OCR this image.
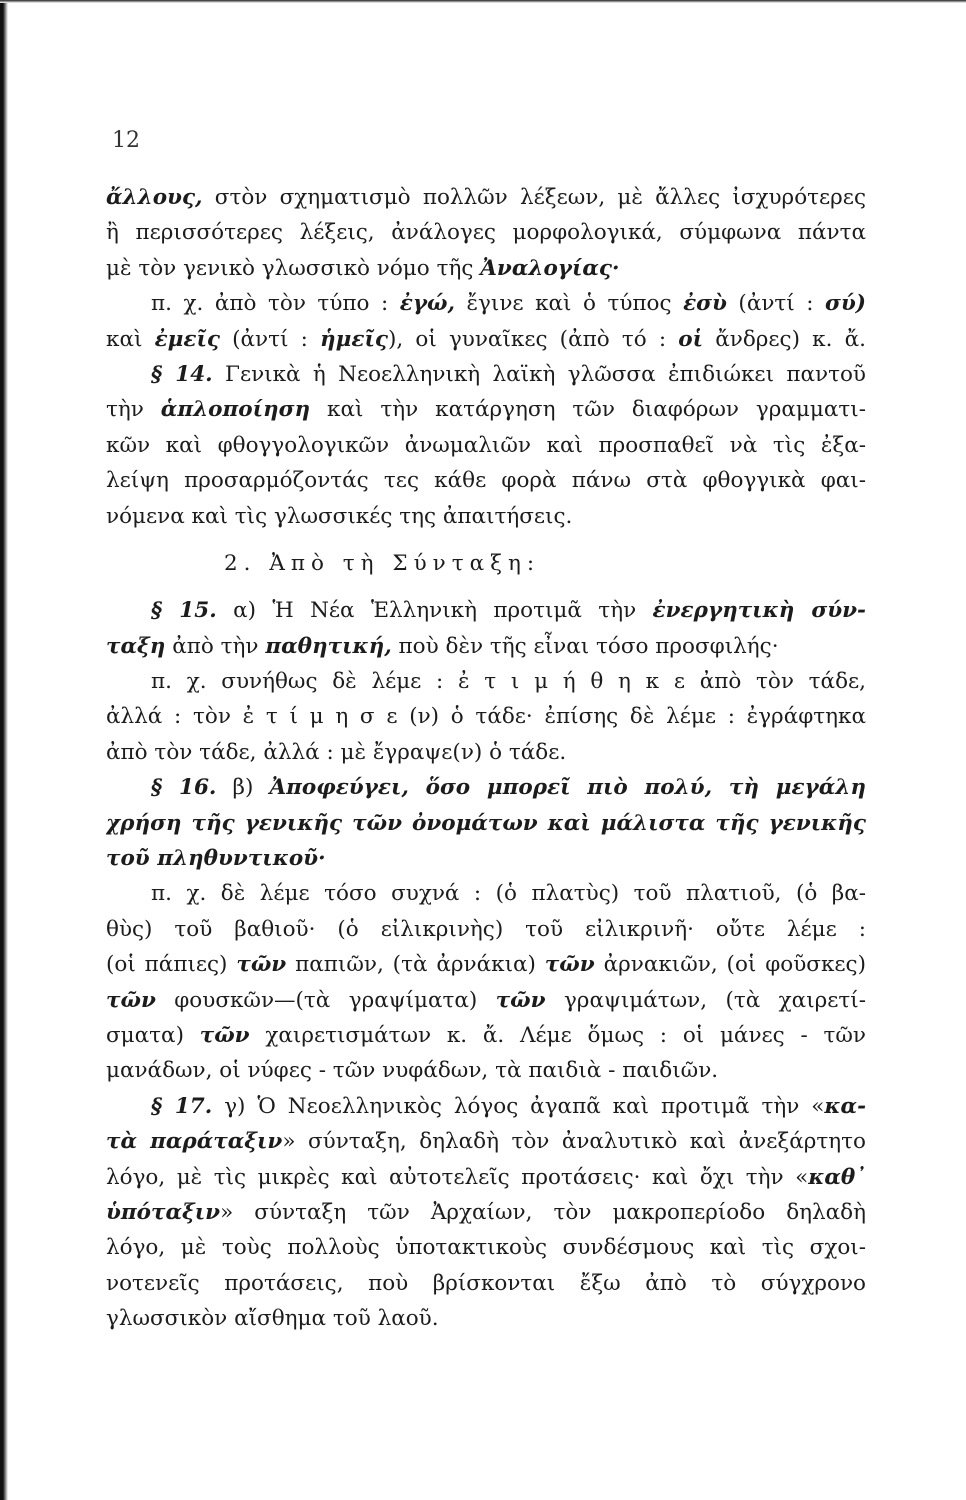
12
ἄλλους, στὸν σχηματισμὸ πολλῶν λέξεων, μὲ ἄλλες ἰσχυρότερες
ἢ περισσότερες λέξεις, ἀνάλογες μορφολογικά, σύμφωνα πάντα
μὲ τὸν γενικὸ γλωσσικὸ νόμο τῆς Ἀναλογίας·
π. χ. ἀπὸ τὸν τύπο : ἐγώ, ἔγινε καὶ ὁ τύπος ἐσὺ (ἀντί : σύ)
καὶ ἐμεῖς (ἀντί : ἡμεῖς), οἱ γυναῖκες (ἀπὸ τό : οἱ ἄνδρες) κ. ἄ.
§ 14. Γενικὰ ἡ Νεοελληνικὴ λαϊκὴ γλῶσσα ἐπιδιώκει παντοῦ
τὴν ἁπλοποίηση καὶ τὴν κατάργηση τῶν διαφόρων γραμματι-
κῶν καὶ φθογγολογικῶν ἀνωμαλιῶν καὶ προσπαθεῖ νὰ τὶς ἐξα-
λείψη προσαρμόζοντάς τες κάθε φορὰ πάνω στὰ φθογγικὰ φαι-
νόμενα καὶ τὶς γλωσσικές της ἀπαιτήσεις.
2. Ἀπὸ τὴ Σύνταξη:
§ 15. α) Ἡ Νέα Ἑλληνικὴ προτιμᾶ τὴν ἐνεργητικὴ σύν-
ταξη ἀπὸ τὴν παθητική, ποὺ δὲν τῆς εἶναι τόσο προσφιλής·
π. χ. συνήθως δὲ λέμε : ἐ τ ι μ ή θ η κ ε ἀπὸ τὸν τάδε,
ἀλλά : τὸν ἐ τ ί μ η σ ε (ν) ὁ τάδε· ἐπίσης δὲ λέμε : ἐγράφτηκα
ἀπὸ τὸν τάδε, ἀλλά : μὲ ἔγραψε(ν) ὁ τάδε.
§ 16. β) Ἀποφεύγει, ὅσο μπορεῖ πιὸ πολύ, τὴ μεγάλη
χρήση τῆς γενικῆς τῶν ὀνομάτων καὶ μάλιστα τῆς γενικῆς
τοῦ πληθυντικοῦ·
π. χ. δὲ λέμε τόσο συχνά : (ὁ πλατὺς) τοῦ πλατιοῦ, (ὁ βα-
θὺς) τοῦ βαθιοῦ· (ὁ εἰλικρινὴς) τοῦ εἰλικρινῆ· οὔτε λέμε :
(οἱ πάπιες) τῶν παπιῶν, (τὰ ἀρνάκια) τῶν ἀρνακιῶν, (οἱ φοῦσκες)
τῶν φουσκῶν—(τὰ γραψίματα) τῶν γραψιμάτων, (τὰ χαιρετί-
σματα) τῶν χαιρετισμάτων κ. ἄ. Λέμε ὅμως : οἱ μάνες - τῶν
μανάδων, οἱ νύφες - τῶν νυφάδων, τὰ παιδιὰ - παιδιῶν.
§ 17. γ) Ὁ Νεοελληνικὸς λόγος ἀγαπᾶ καὶ προτιμᾶ τὴν «κα-
τὰ παράταξιν» σύνταξη, δηλαδὴ τὸν ἀναλυτικὸ καὶ ἀνεξάρτητο
λόγο, μὲ τὶς μικρὲς καὶ αὐτοτελεῖς προτάσεις· καὶ ὄχι τὴν «καθ᾽
ὑπόταξιν» σύνταξη τῶν Ἀρχαίων, τὸν μακροπερίοδο δηλαδὴ
λόγο, μὲ τοὺς πολλοὺς ὑποτακτικοὺς συνδέσμους καὶ τὶς σχοι-
νοτενεῖς προτάσεις, ποὺ βρίσκονται ἔξω ἀπὸ τὸ σύγχρονο
γλωσσικὸν αἴσθημα τοῦ λαοῦ.
